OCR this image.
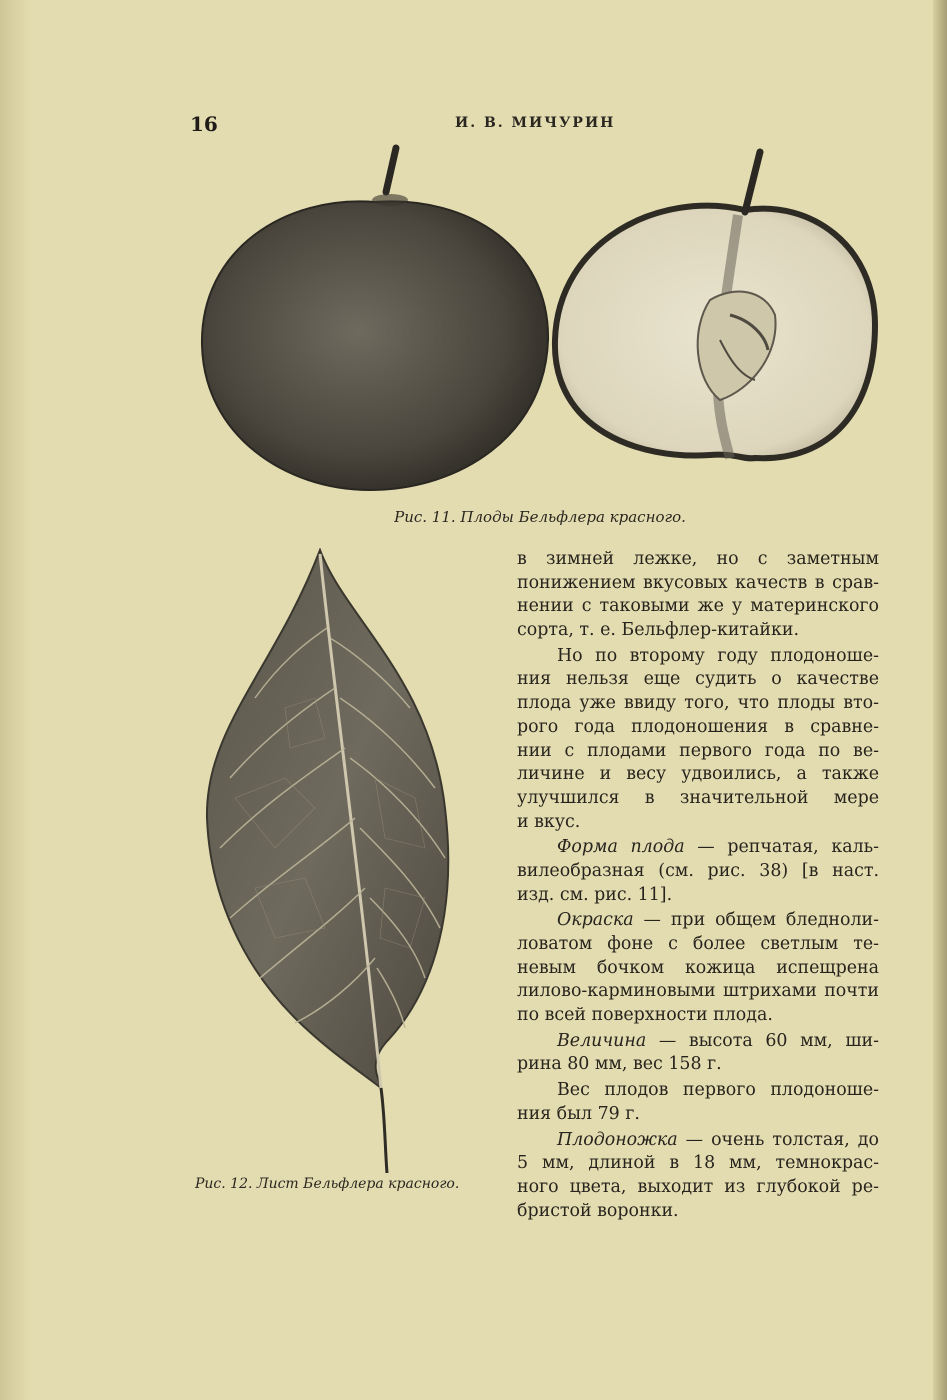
16	И. В. МИЧУРИН
Рис. 11. Плоды Бельфлера красного.
Рис. 12. Лист Бельфлера красного.
в зимней лежке, но с заметным
понижением вкусовых качеств в срав-
нении с таковыми же у материнского
сорта, т. е. Бельфлер-китайки.
Но по второму году плодоноше-
ния нельзя еще судить о качестве
плода уже ввиду того, что плоды вто-
рого года плодоношения в сравне-
нии с плодами первого года по ве-
личине и весу удвоились, а также
улучшился в значительной мере
и вкус.
Форма плода — репчатая, каль-
вилеобразная (см. рис. 38) [в наст.
изд. см. рис. 11].
Окраска — при общем бледноли-
ловатом фоне с более светлым те-
невым бочком кожица испещрена
лилово-карминовыми штрихами почти
по всей поверхности плода.
Величина — высота 60 мм, ши-
рина 80 мм, вес 158 г.
Вес плодов первого плодоноше-
ния был 79 г.
Плодоножка — очень толстая, до
5 мм, длиной в 18 мм, темнокрас-
ного цвета, выходит из глубокой ре-
бристой воронки.
